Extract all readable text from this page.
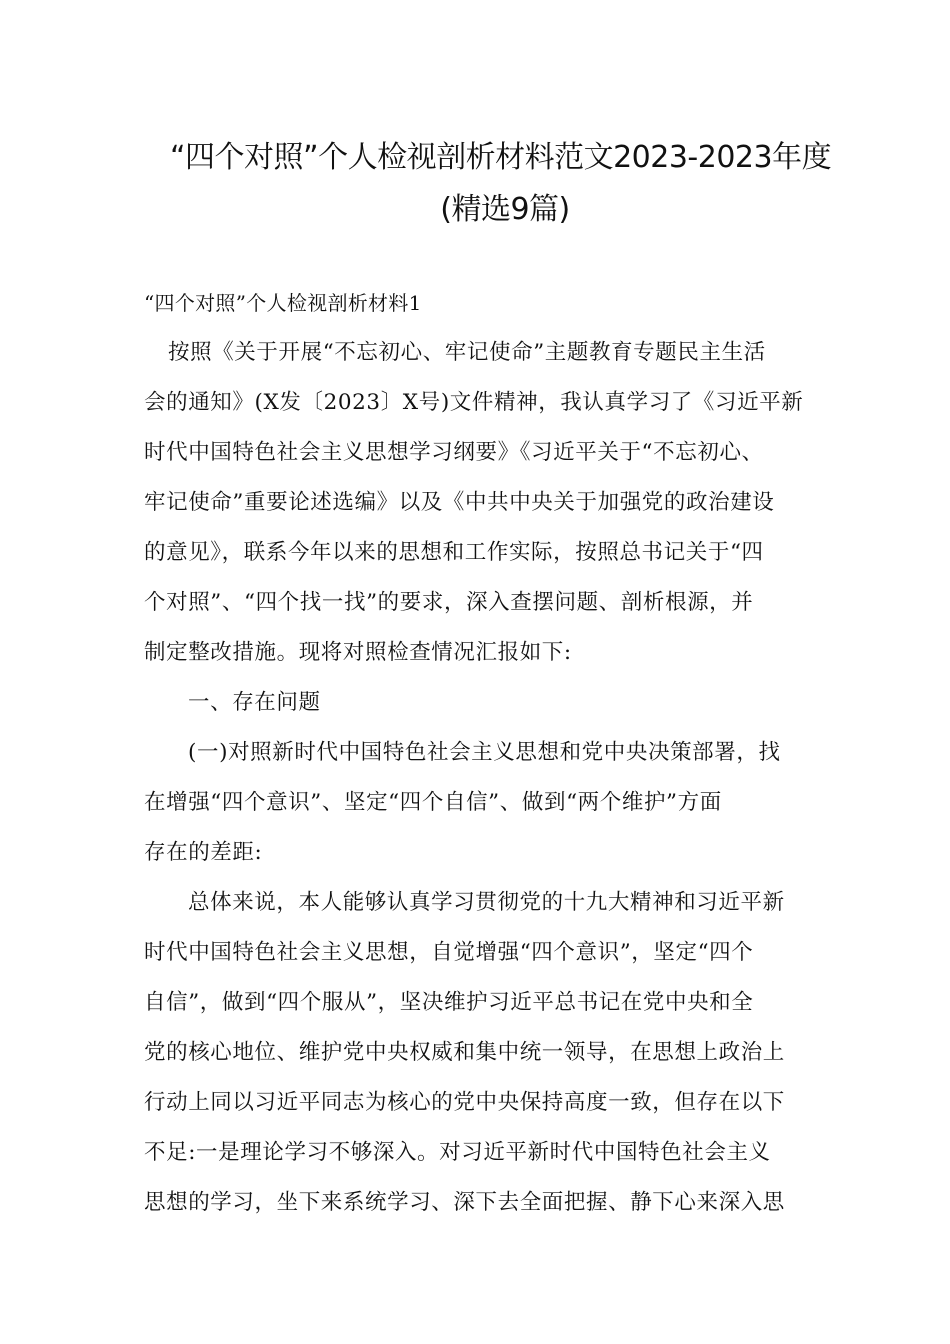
“四个对照”个人检视剖析材料范文2023-2023年度
(精选9篇)
“四个对照”个人检视剖析材料1
按照《关于开展“不忘初心、牢记使命”主题教育专题民主生活
会的通知》(X发〔2023〕X号)文件精神，我认真学习了《习近平新
时代中国特色社会主义思想学习纲要》《习近平关于“不忘初心、
牢记使命”重要论述选编》以及《中共中央关于加强党的政治建设
的意见》，联系今年以来的思想和工作实际，按照总书记关于“四
个对照”、“四个找一找”的要求，深入查摆问题、剖析根源，并
制定整改措施。现将对照检查情况汇报如下:
一、存在问题
(一)对照新时代中国特色社会主义思想和党中央决策部署，找
在增强“四个意识”、坚定“四个自信”、做到“两个维护”方面
存在的差距:
总体来说，本人能够认真学习贯彻党的十九大精神和习近平新
时代中国特色社会主义思想，自觉增强“四个意识”，坚定“四个
自信”，做到“四个服从”，坚决维护习近平总书记在党中央和全
党的核心地位、维护党中央权威和集中统一领导，在思想上政治上
行动上同以习近平同志为核心的党中央保持高度一致，但存在以下
不足:一是理论学习不够深入。对习近平新时代中国特色社会主义
思想的学习，坐下来系统学习、深下去全面把握、静下心来深入思
